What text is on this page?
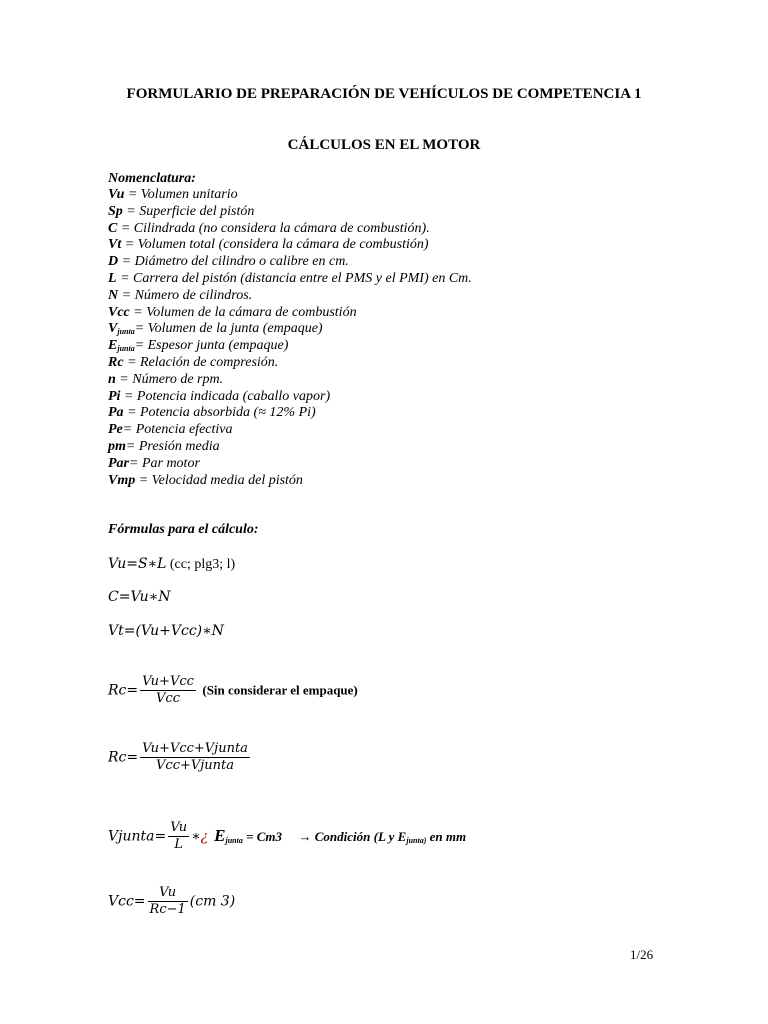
FORMULARIO DE PREPARACIÓN DE VEHÍCULOS DE COMPETENCIA 1
CÁLCULOS EN EL MOTOR
Nomenclatura:
Vu = Volumen unitario
Sp = Superficie del pistón
C = Cilindrada (no considera la cámara de combustión).
Vt = Volumen total (considera la cámara de combustión)
D = Diámetro del cilindro o calibre en cm.
L = Carrera del pistón (distancia entre el PMS y el PMI) en Cm.
N = Número de cilindros.
Vcc = Volumen de la cámara de combustión
$V_{junta}=$ Volumen de la junta (empaque)
$E_{junta}=$ Espesor junta (empaque)
Rc = Relación de compresión.
n = Número de rpm.
Pi = Potencia indicada (caballo vapor)
Pa = Potencia absorbida (≈ 12% Pi)
Pe= Potencia efectiva
pm= Presión media
Par= Par motor
Vmp = Velocidad media del pistón
Fórmulas para el cálculo:
Vu=S∗L (cc; plg3; l)
C=Vu∗N
Vt=(Vu+Vcc)∗N
$Rc= \frac{\text{Vu+Vcc}}{\text{Vcc}} (Sin$ considerar el empaque)
$Rc= \frac{\text{Vu+Vcc+Vjunta}}{\text{Vcc+Vjunta}}$
Vjunta= $\frac{Vu}{L}$ ∗¿ $E_{junta} = Cm3$ → Condición (L y $E_{junta)}$ en mm
$Vcc= \frac{Vu}{Rc-1} (cm$ 3)
1/26
